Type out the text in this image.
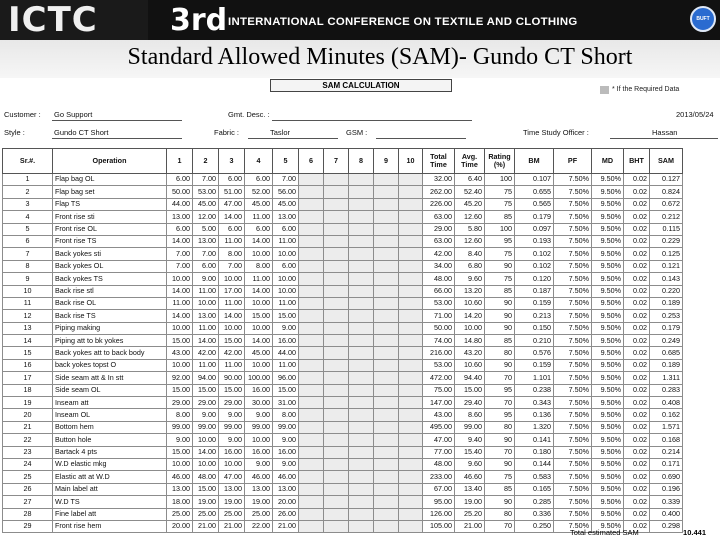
ICTC 3rd INTERNATIONAL CONFERENCE ON TEXTILE AND CLOTHING	BUFT
Standard Allowed Minutes (SAM)- Gundo CT Short
SAM CALCULATION	* If the Required Data
Customer : Go Support	Gmt. Desc. :	2013/05/24
Style :	Gundo CT Short	Fabric :	Taslor	GSM :	Time Study Officer :	Hassan
Sr.#.	Operation	1	2	3	4	5	6	7	8	9	10	Total Time	Avg. Time	Rating (%)	BM	PF	MD	BHT	SAM
1	Flap bag OL	6.00	7.00	6.00	6.00	7.00						32.00	6.40	100	0.107	7.50%	9.50%	0.02	0.127
2	Flap bag set	50.00	53.00	51.00	52.00	56.00						262.00	52.40	75	0.655	7.50%	9.50%	0.02	0.824
3	Flap TS	44.00	45.00	47.00	45.00	45.00						226.00	45.20	75	0.565	7.50%	9.50%	0.02	0.672
4	Front rise sti	13.00	12.00	14.00	11.00	13.00						63.00	12.60	85	0.179	7.50%	9.50%	0.02	0.212
5	Front rise OL	6.00	5.00	6.00	6.00	6.00						29.00	5.80	100	0.097	7.50%	9.50%	0.02	0.115
6	Front rise TS	14.00	13.00	11.00	14.00	11.00						63.00	12.60	95	0.193	7.50%	9.50%	0.02	0.229
7	Back yokes sti	7.00	7.00	8.00	10.00	10.00						42.00	8.40	75	0.102	7.50%	9.50%	0.02	0.125
8	Back yokes OL	7.00	6.00	7.00	8.00	6.00						34.00	6.80	90	0.102	7.50%	9.50%	0.02	0.121
9	Back yokes TS	10.00	9.00	10.00	11.00	10.00						48.00	9.60	75	0.120	7.50%	9.50%	0.02	0.143
10	Back rise stl	14.00	11.00	17.00	14.00	10.00						66.00	13.20	85	0.187	7.50%	9.50%	0.02	0.220
11	Back rise OL	11.00	10.00	11.00	10.00	11.00						53.00	10.60	90	0.159	7.50%	9.50%	0.02	0.189
12	Back rise TS	14.00	13.00	14.00	15.00	15.00						71.00	14.20	90	0.213	7.50%	9.50%	0.02	0.253
13	Piping making	10.00	11.00	10.00	10.00	9.00						50.00	10.00	90	0.150	7.50%	9.50%	0.02	0.179
14	Piping att to bk yokes	15.00	14.00	15.00	14.00	16.00						74.00	14.80	85	0.210	7.50%	9.50%	0.02	0.249
15	Back yokes att to back body	43.00	42.00	42.00	45.00	44.00						216.00	43.20	80	0.576	7.50%	9.50%	0.02	0.685
16	back yokes topst O	10.00	11.00	11.00	10.00	11.00						53.00	10.60	90	0.159	7.50%	9.50%	0.02	0.189
17	Side seam att & In stt	92.00	94.00	90.00	100.00	96.00						472.00	94.40	70	1.101	7.50%	9.50%	0.02	1.311
18	Side seam OL	15.00	15.00	15.00	16.00	15.00						75.00	15.00	95	0.238	7.50%	9.50%	0.02	0.283
19	Inseam att	29.00	29.00	29.00	30.00	31.00						147.00	29.40	70	0.343	7.50%	9.50%	0.02	0.408
20	Inseam OL	8.00	9.00	9.00	9.00	8.00						43.00	8.60	95	0.136	7.50%	9.50%	0.02	0.162
21	Bottom hem	99.00	99.00	99.00	99.00	99.00						495.00	99.00	80	1.320	7.50%	9.50%	0.02	1.571
22	Button hole	9.00	10.00	9.00	10.00	9.00						47.00	9.40	90	0.141	7.50%	9.50%	0.02	0.168
23	Bartack 4 pts	15.00	14.00	16.00	16.00	16.00						77.00	15.40	70	0.180	7.50%	9.50%	0.02	0.214
24	W.D elastic mkg	10.00	10.00	10.00	9.00	9.00						48.00	9.60	90	0.144	7.50%	9.50%	0.02	0.171
25	Elastic att at W.D	46.00	48.00	47.00	46.00	46.00						233.00	46.60	75	0.583	7.50%	9.50%	0.02	0.690
26	Main label att	13.00	15.00	13.00	13.00	13.00						67.00	13.40	85	0.165	7.50%	9.50%	0.02	0.196
27	W.D TS	18.00	19.00	19.00	19.00	20.00						95.00	19.00	90	0.285	7.50%	9.50%	0.02	0.339
28	Fine label att	25.00	25.00	25.00	25.00	26.00						126.00	25.20	80	0.336	7.50%	9.50%	0.02	0.400
29	Front rise hem	20.00	21.00	21.00	22.00	21.00						105.00	21.00	70	0.250	7.50%	9.50%	0.02	0.298
Total estimated SAM	10.441
